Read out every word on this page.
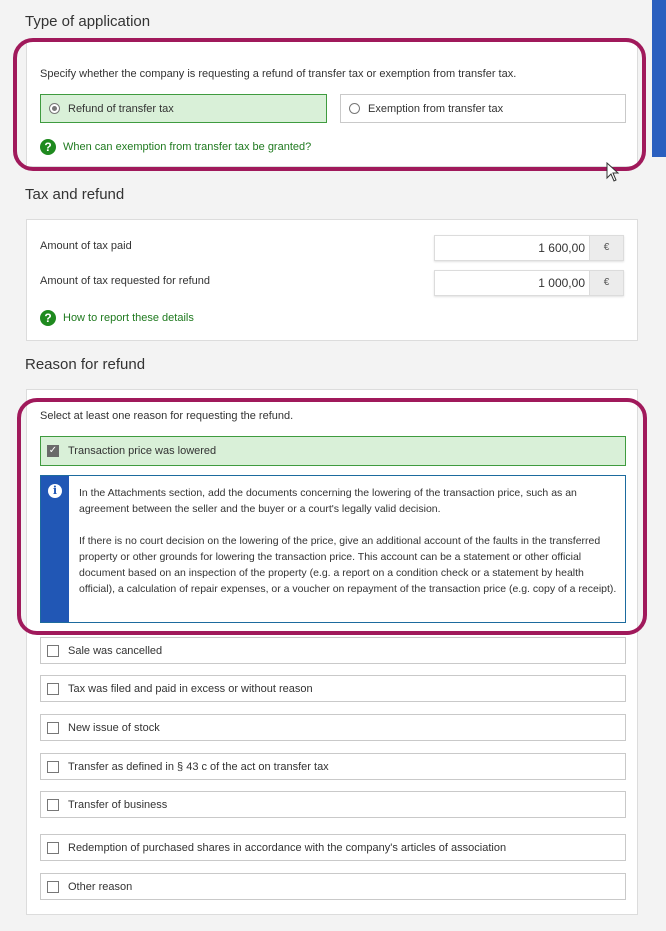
Type of application
Specify whether the company is requesting a refund of transfer tax or exemption from transfer tax.
Refund of transfer tax	Exemption from transfer tax
?	When can exemption from transfer tax be granted?
Tax and refund
Amount of tax paid	1 600,00	€
Amount of tax requested for refund	1 000,00	€
?	How to report these details
Reason for refund
Select at least one reason for requesting the refund.
✓ Transaction price was lowered
i	In the Attachments section, add the documents concerning the lowering of the transaction price, such as an agreement between the seller and the buyer or a court's legally valid decision.

If there is no court decision on the lowering of the price, give an additional account of the faults in the transferred property or other grounds for lowering the transaction price. This account can be a statement or other official document based on an inspection of the property (e.g. a report on a condition check or a statement by health official), a calculation of repair expenses, or a voucher on repayment of the transaction price (e.g. copy of a receipt).

Sale was cancelled
Tax was filed and paid in excess or without reason
New issue of stock
Transfer as defined in § 43 c of the act on transfer tax
Transfer of business
Redemption of purchased shares in accordance with the company's articles of association
Other reason
